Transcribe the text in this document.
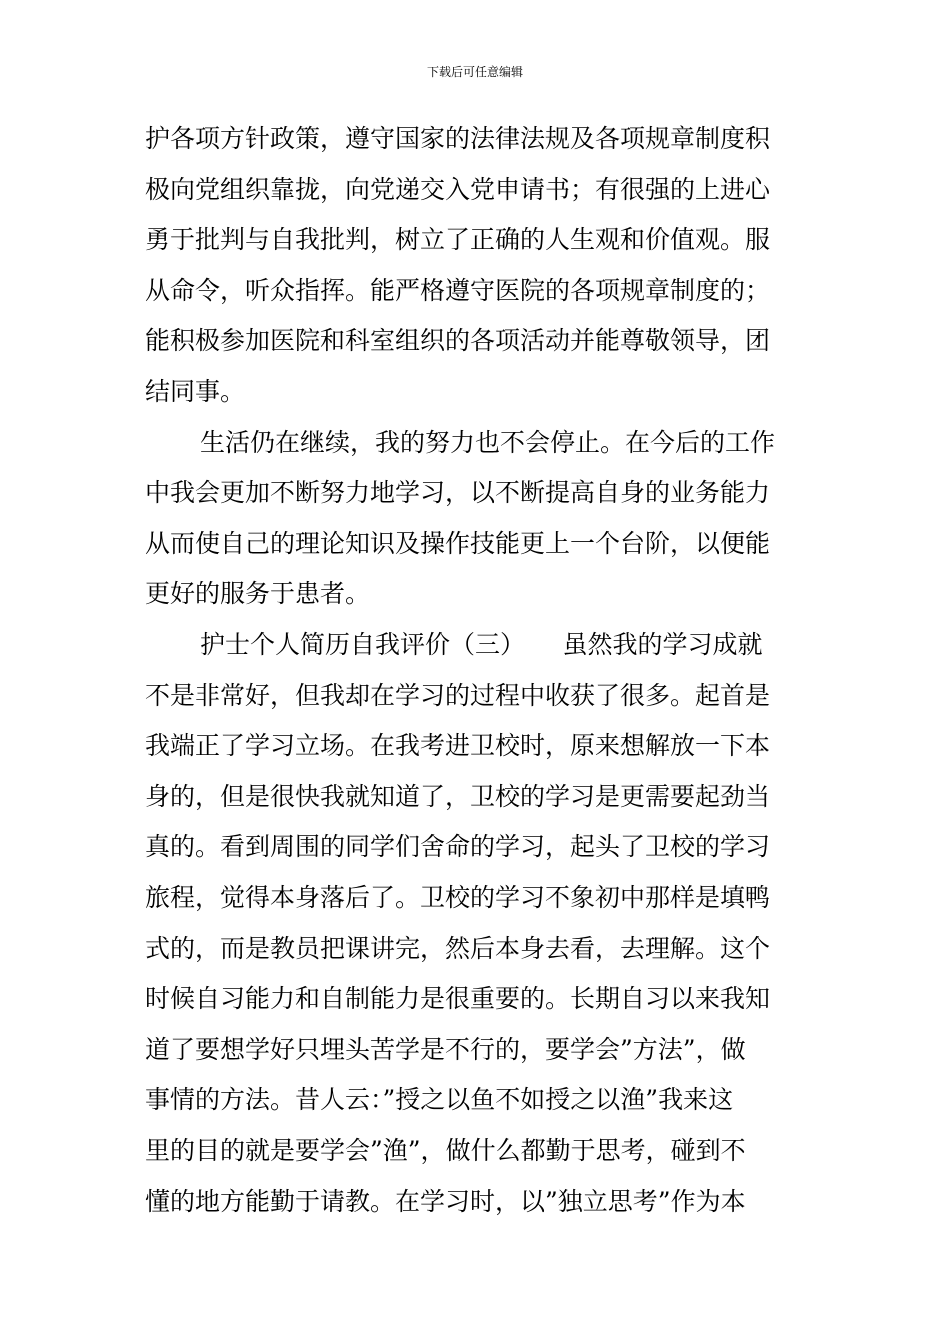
下载后可任意编辑
护各项方针政策，遵守国家的法律法规及各项规章制度积
极向党组织靠拢，向党递交入党申请书；有很强的上进心
勇于批判与自我批判，树立了正确的人生观和价值观。服
从命令，听众指挥。能严格遵守医院的各项规章制度的；
能积极参加医院和科室组织的各项活动并能尊敬领导，团
结同事。
生活仍在继续，我的努力也不会停止。在今后的工作
中我会更加不断努力地学习，以不断提高自身的业务能力
从而使自己的理论知识及操作技能更上一个台阶，以便能
更好的服务于患者。
护士个人简历自我评价（三）　　虽然我的学习成就
不是非常好，但我却在学习的过程中收获了很多。起首是
我端正了学习立场。在我考进卫校时，原来想解放一下本
身的，但是很快我就知道了，卫校的学习是更需要起劲当
真的。看到周围的同学们舍命的学习，起头了卫校的学习
旅程，觉得本身落后了。卫校的学习不象初中那样是填鸭
式的，而是教员把课讲完，然后本身去看，去理解。这个
时候自习能力和自制能力是很重要的。长期自习以来我知
道了要想学好只埋头苦学是不行的，要学会”方法”，做
事情的方法。昔人云：”授之以鱼不如授之以渔”我来这
里的目的就是要学会”渔”，做什么都勤于思考，碰到不
懂的地方能勤于请教。在学习时，以”独立思考”作为本
